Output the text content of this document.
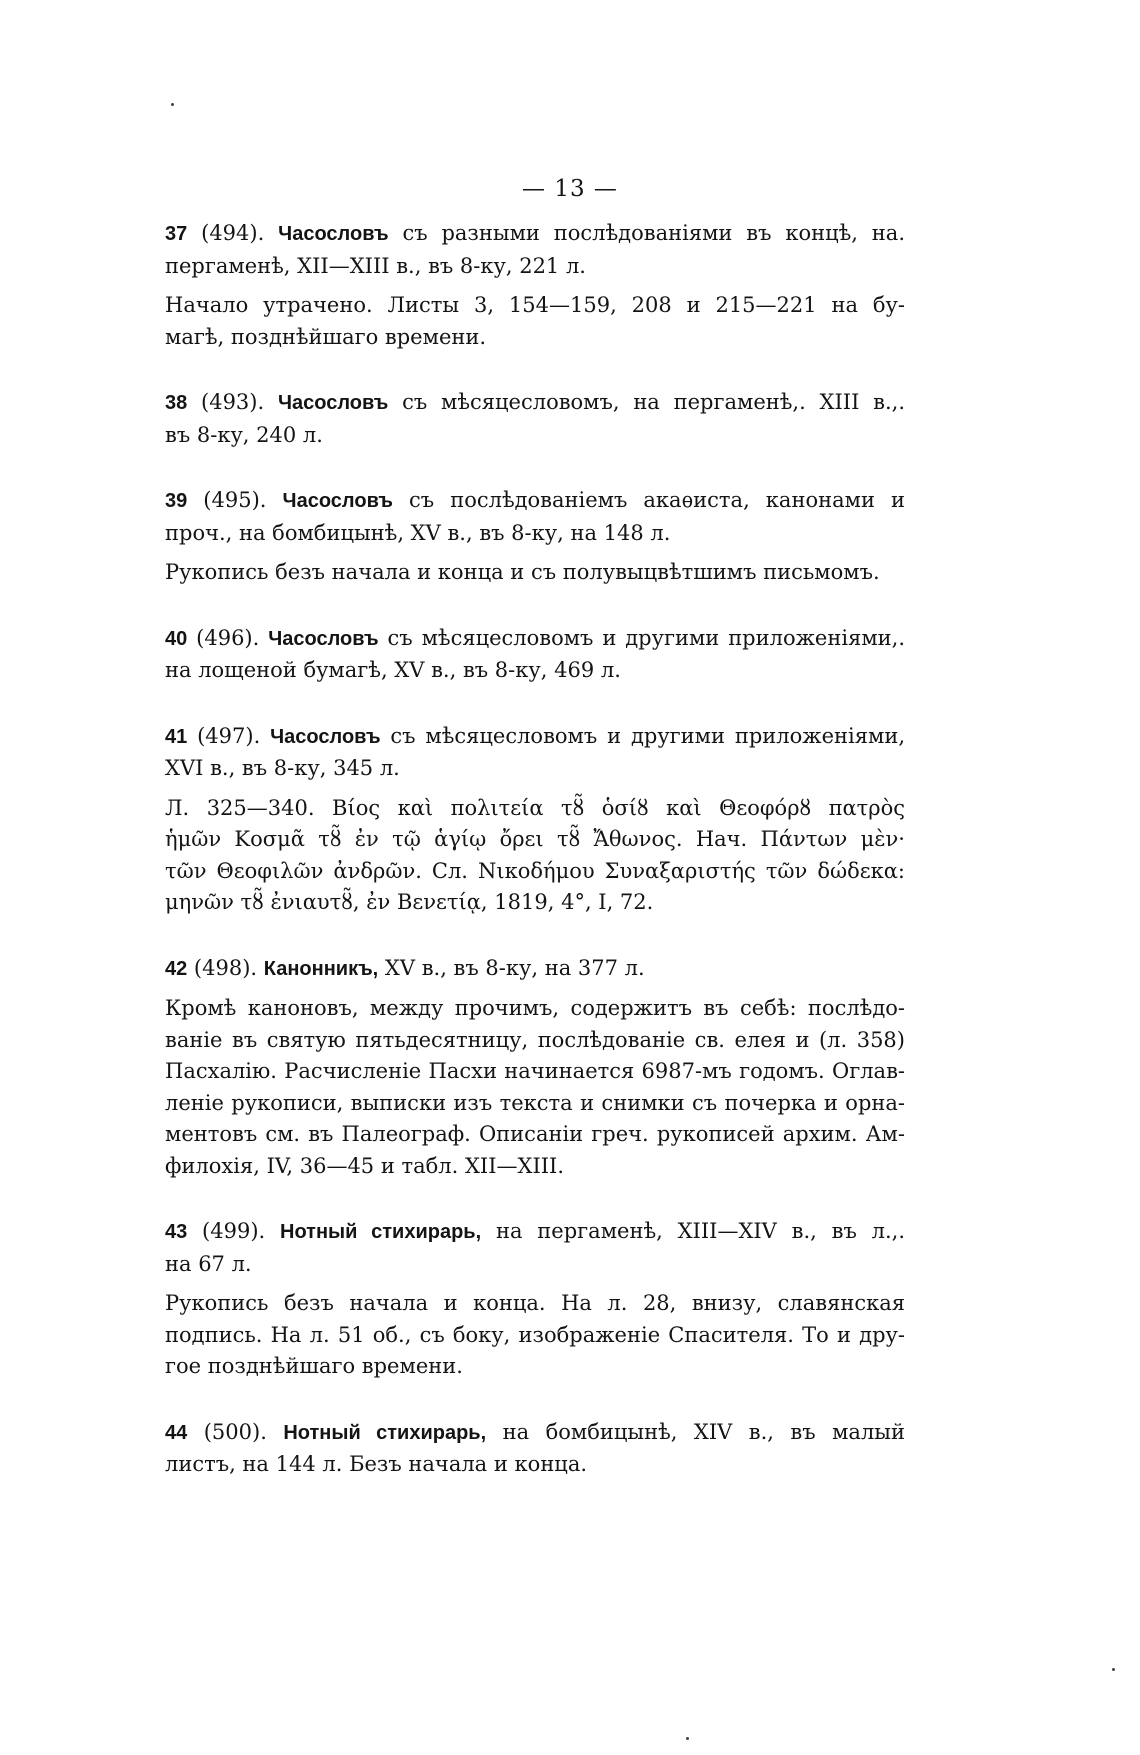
— 13 —
37 (494). Часословъ съ разными послѣдованіями въ концѣ, на.
пергаменѣ, XII—XIII в., въ 8-ку, 221 л.
Начало утрачено. Листы 3, 154—159, 208 и 215—221 на бу-
магѣ, позднѣйшаго времени.
38 (493). Часословъ съ мѣсяцесловомъ, на пергаменѣ,. XIII в.,.
въ 8-ку, 240 л.
39 (495). Часословъ съ послѣдованіемъ акаѳиста, канонами и
проч., на бомбицынѣ, XV в., въ 8-ку, на 148 л.
Рукопись безъ начала и конца и съ полувыцвѣтшимъ письмомъ.
40 (496). Часословъ съ мѣсяцесловомъ и другими приложеніями,.
на лощеной бумагѣ, XV в., въ 8-ку, 469 л.
41 (497). Часословъ съ мѣсяцесловомъ и другими приложеніями,
XVI в., въ 8-ку, 345 л.
Л. 325—340. Βίος καὶ πολιτεία τȣ̃ ὁσίȣ καὶ Θεοφόρȣ πατρὸς
ἡμῶν Κοσμᾶ τȣ̃ ἐν τῷ ἁγίῳ ὄρει τȣ̃ Ἄθωνος. Нач. Πάντων μὲν·
τῶν Θεοφιλῶν ἀνδρῶν. Сл. Νικοδήμου Συναξαριστής τῶν δώδεκα:
μηνῶν τȣ̃ ἐνιαυτȣ̃, ἐν Βενετίᾳ, 1819, 4°, I, 72.
42 (498). Канонникъ, XV в., въ 8-ку, на 377 л.
Кромѣ каноновъ, между прочимъ, содержитъ въ себѣ: послѣдо-
ваніе въ святую пятьдесятницу, послѣдованіе св. елея и (л. 358)
Пасхалію. Расчисленіе Пасхи начинается 6987-мъ годомъ. Оглав-
леніе рукописи, выписки изъ текста и снимки съ почерка и орна-
ментовъ см. въ Палеограф. Описаніи греч. рукописей архим. Ам-
филохія, IV, 36—45 и табл. XII—XIII.
43 (499). Нотный стихирарь, на пергаменѣ, XIII—XIV в., въ л.,.
на 67 л.
Рукопись безъ начала и конца. На л. 28, внизу, славянская
подпись. На л. 51 об., съ боку, изображеніе Спасителя. То и дру-
гое позднѣйшаго времени.
44 (500). Нотный стихирарь, на бомбицынѣ, XIV в., въ малый
листъ, на 144 л. Безъ начала и конца.
